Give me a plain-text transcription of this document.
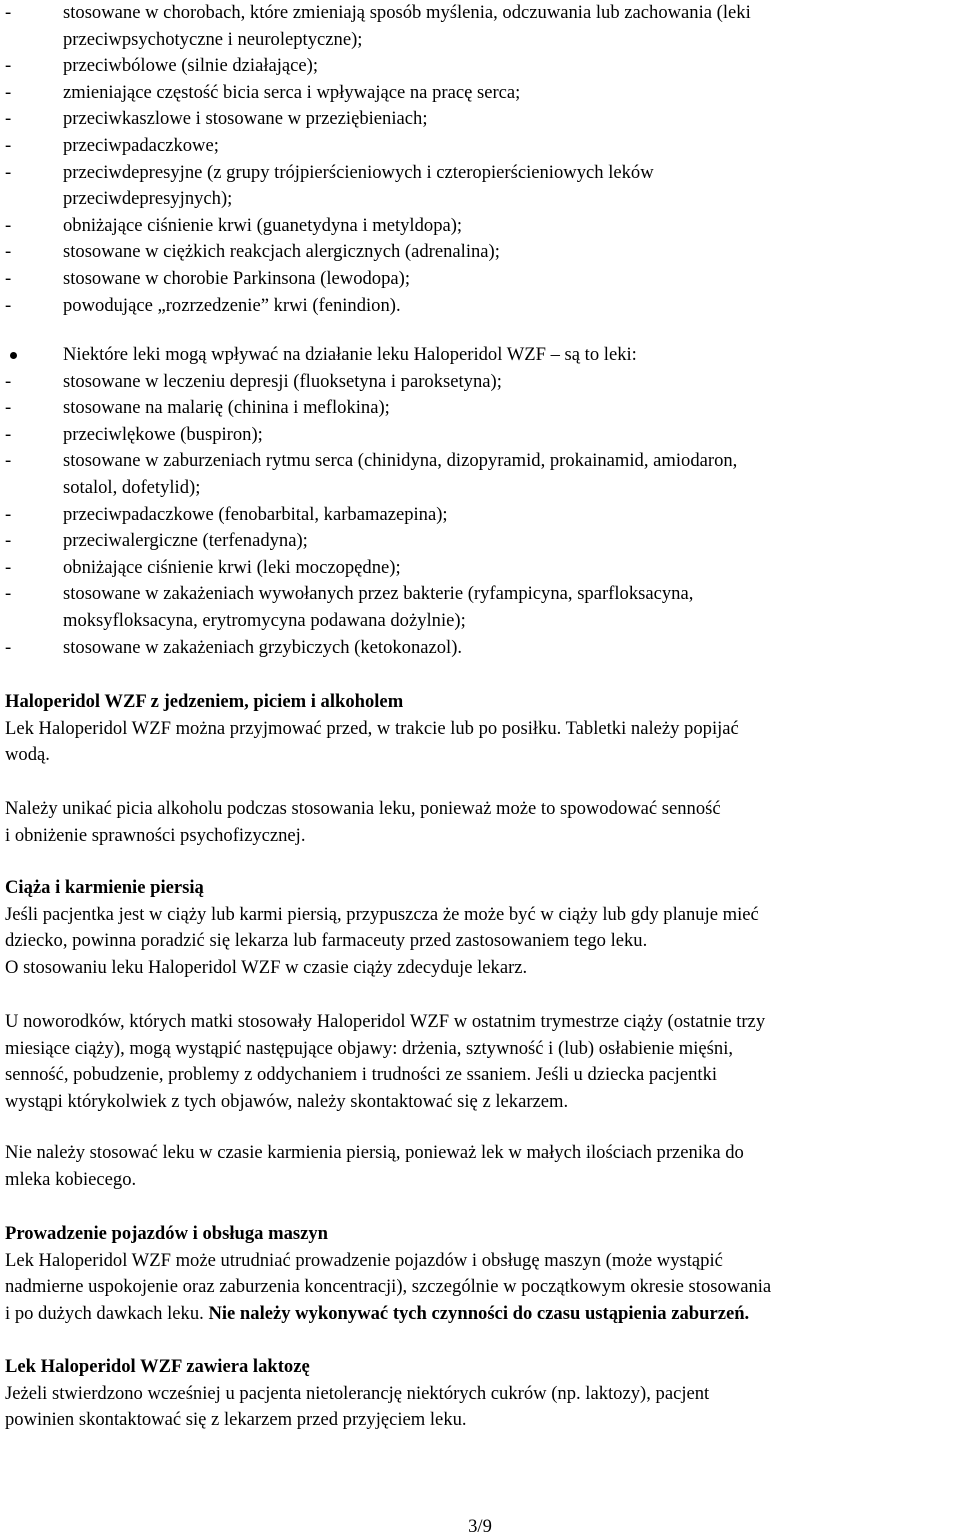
-	stosowane w chorobach, które zmieniają sposób myślenia, odczuwania lub zachowania (leki
przeciwpsychotyczne i neuroleptyczne);
-	przeciwbólowe (silnie działające);
-	zmieniające częstość bicia serca i wpływające na pracę serca;
-	przeciwkaszlowe i stosowane w przeziębieniach;
-	przeciwpadaczkowe;
-	przeciwdepresyjne (z grupy trójpierścieniowych i czteropierścieniowych leków
przeciwdepresyjnych);
-	obniżające ciśnienie krwi (guanetydyna i metyldopa);
-	stosowane w ciężkich reakcjach alergicznych (adrenalina);
-	stosowane w chorobie Parkinsona (lewodopa);
-	powodujące „rozrzedzenie” krwi (fenindion).
Niektóre leki mogą wpływać na działanie leku Haloperidol WZF – są to leki:
-	stosowane w leczeniu depresji (fluoksetyna i paroksetyna);
-	stosowane na malarię (chinina i meflokina);
-	przeciwlękowe (buspiron);
-	stosowane w zaburzeniach rytmu serca (chinidyna, dizopyramid, prokainamid, amiodaron,
sotalol, dofetylid);
-	przeciwpadaczkowe (fenobarbital, karbamazepina);
-	przeciwalergiczne (terfenadyna);
-	obniżające ciśnienie krwi (leki moczopędne);
-	stosowane w zakażeniach wywołanych przez bakterie (ryfampicyna, sparfloksacyna,
moksyfloksacyna, erytromycyna podawana dożylnie);
-	stosowane w zakażeniach grzybiczych (ketokonazol).
Haloperidol WZF z jedzeniem, piciem i alkoholem
Lek Haloperidol WZF można przyjmować przed, w trakcie lub po posiłku. Tabletki należy popijać
wodą.
Należy unikać picia alkoholu podczas stosowania leku, ponieważ może to spowodować senność
i obniżenie sprawności psychofizycznej.
Ciąża i karmienie piersią
Jeśli pacjentka jest w ciąży lub karmi piersią, przypuszcza że może być w ciąży lub gdy planuje mieć
dziecko, powinna poradzić się lekarza lub farmaceuty przed zastosowaniem tego leku.
O stosowaniu leku Haloperidol WZF w czasie ciąży zdecyduje lekarz.
U noworodków, których matki stosowały Haloperidol WZF w ostatnim trymestrze ciąży (ostatnie trzy
miesiące ciąży), mogą wystąpić następujące objawy: drżenia, sztywność i (lub) osłabienie mięśni,
senność, pobudzenie, problemy z oddychaniem i trudności ze ssaniem. Jeśli u dziecka pacjentki
wystąpi którykolwiek z tych objawów, należy skontaktować się z lekarzem.
Nie należy stosować leku w czasie karmienia piersią, ponieważ lek w małych ilościach przenika do
mleka kobiecego.
Prowadzenie pojazdów i obsługa maszyn
Lek Haloperidol WZF może utrudniać prowadzenie pojazdów i obsługę maszyn (może wystąpić
nadmierne uspokojenie oraz zaburzenia koncentracji), szczególnie w początkowym okresie stosowania
i po dużych dawkach leku. Nie należy wykonywać tych czynności do czasu ustąpienia zaburzeń.
Lek Haloperidol WZF zawiera laktozę
Jeżeli stwierdzono wcześniej u pacjenta nietolerancję niektórych cukrów (np. laktozy), pacjent
powinien skontaktować się z lekarzem przed przyjęciem leku.
3/9
